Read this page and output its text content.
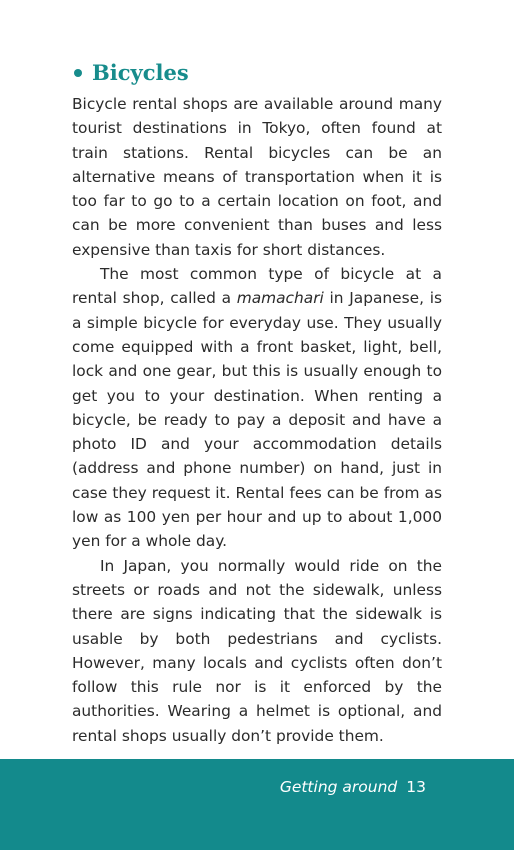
Bicycles

Bicycle rental shops are available around many tourist destinations in Tokyo, often found at train stations. Rental bicycles can be an alternative means of transportation when it is too far to go to a certain location on foot, and can be more convenient than buses and less expensive than taxis for short distances.

The most common type of bicycle at a rental shop, called a mamachari in Japanese, is a simple bicycle for everyday use. They usually come equipped with a front basket, light, bell, lock and one gear, but this is usually enough to get you to your destination. When renting a bicycle, be ready to pay a deposit and have a photo ID and your accommodation details (address and phone number) on hand, just in case they request it. Rental fees can be from as low as 100 yen per hour and up to about 1,000 yen for a whole day.

In Japan, you normally would ride on the streets or roads and not the sidewalk, unless there are signs indicating that the sidewalk is usable by both pedestrians and cyclists. However, many locals and cyclists often don’t follow this rule nor is it enforced by the authorities. Wearing a helmet is optional, and rental shops usually don’t provide them.

Getting around 13
